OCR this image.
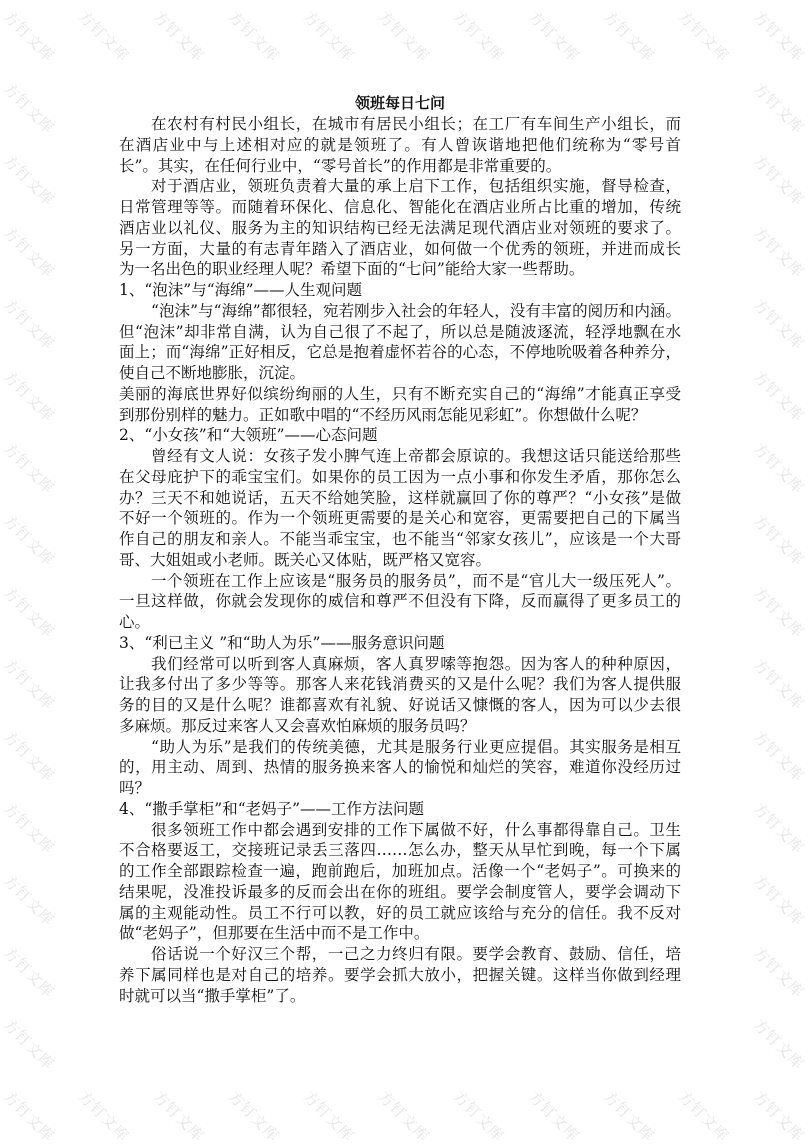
方钉文库 方钉文库 方钉文库 方钉文库 方钉文库 方钉文库 方钉文库 方钉文库 方钉文库 方钉文库 方钉文库
方钉文库	方钉文库
方钉文库	方钉文库
方钉文库	方钉文库
方钉文库	方钉文库
方钉文库	方钉文库
方钉文库	方钉文库
方钉文库	方钉文库
方钉文库	方钉文库
方钉文库	方钉文库
方钉文库	方钉文库
方钉文库	方钉文库
方钉文库	方钉文库
方钉文库	方钉文库
方钉文库	方钉文库
方钉文库 方钉文库 方钉文库 方钉文库 方钉文库 方钉文库 方钉文库 方钉文库 方钉文库 方钉文库 方钉文库
领班每日七问
在农村有村民小组长，在城市有居民小组长；在工厂有车间生产小组长，而
在酒店业中与上述相对应的就是领班了。有人曾诙谐地把他们统称为“零号首
长”。其实，在任何行业中，“零号首长”的作用都是非常重要的。
对于酒店业，领班负责着大量的承上启下工作，包括组织实施，督导检查，
日常管理等等。而随着环保化、信息化、智能化在酒店业所占比重的增加，传统
酒店业以礼仪、服务为主的知识结构已经无法满足现代酒店业对领班的要求了。
另一方面，大量的有志青年踏入了酒店业，如何做一个优秀的领班，并进而成长
为一名出色的职业经理人呢？希望下面的“七问”能给大家一些帮助。
1、“泡沫”与“海绵”——人生观问题
“泡沫”与“海绵”都很轻，宛若刚步入社会的年轻人，没有丰富的阅历和内涵。
但“泡沫”却非常自满，认为自己很了不起了，所以总是随波逐流，轻浮地飘在水
面上；而“海绵”正好相反，它总是抱着虚怀若谷的心态，不停地吮吸着各种养分，
使自己不断地膨胀，沉淀。
美丽的海底世界好似缤纷绚丽的人生，只有不断充实自己的“海绵”才能真正享受
到那份别样的魅力。正如歌中唱的“不经历风雨怎能见彩虹”。你想做什么呢？
2、“小女孩”和“大领班”——心态问题
曾经有文人说：女孩子发小脾气连上帝都会原谅的。我想这话只能送给那些
在父母庇护下的乖宝宝们。如果你的员工因为一点小事和你发生矛盾，那你怎么
办？三天不和她说话，五天不给她笑脸，这样就赢回了你的尊严？“小女孩”是做
不好一个领班的。作为一个领班更需要的是关心和宽容，更需要把自己的下属当
作自己的朋友和亲人。不能当乖宝宝，也不能当“邻家女孩儿”，应该是一个大哥
哥、大姐姐或小老师。既关心又体贴，既严格又宽容。
一个领班在工作上应该是“服务员的服务员”，而不是“官儿大一级压死人”。
一旦这样做，你就会发现你的威信和尊严不但没有下降，反而赢得了更多员工的
心。
3、“利已主义 ”和“助人为乐”——服务意识问题
我们经常可以听到客人真麻烦，客人真罗嗦等抱怨。因为客人的种种原因，
让我多付出了多少等等。那客人来花钱消费买的又是什么呢？我们为客人提供服
务的目的又是什么呢？谁都喜欢有礼貌、好说话又慷慨的客人，因为可以少去很
多麻烦。那反过来客人又会喜欢怕麻烦的服务员吗？
“助人为乐”是我们的传统美德，尤其是服务行业更应提倡。其实服务是相互
的，用主动、周到、热情的服务换来客人的愉悦和灿烂的笑容，难道你没经历过
吗？
4、“撒手掌柜”和“老妈子”——工作方法问题
很多领班工作中都会遇到安排的工作下属做不好，什么事都得靠自己。卫生
不合格要返工，交接班记录丢三落四……怎么办，整天从早忙到晚，每一个下属
的工作全部跟踪检查一遍，跑前跑后，加班加点。活像一个“老妈子”。可换来的
结果呢，没准投诉最多的反而会出在你的班组。要学会制度管人，要学会调动下
属的主观能动性。员工不行可以教，好的员工就应该给与充分的信任。我不反对
做“老妈子”，但那要在生活中而不是工作中。
俗话说一个好汉三个帮，一己之力终归有限。要学会教育、鼓励、信任，培
养下属同样也是对自己的培养。要学会抓大放小，把握关键。这样当你做到经理
时就可以当“撒手掌柜”了。
